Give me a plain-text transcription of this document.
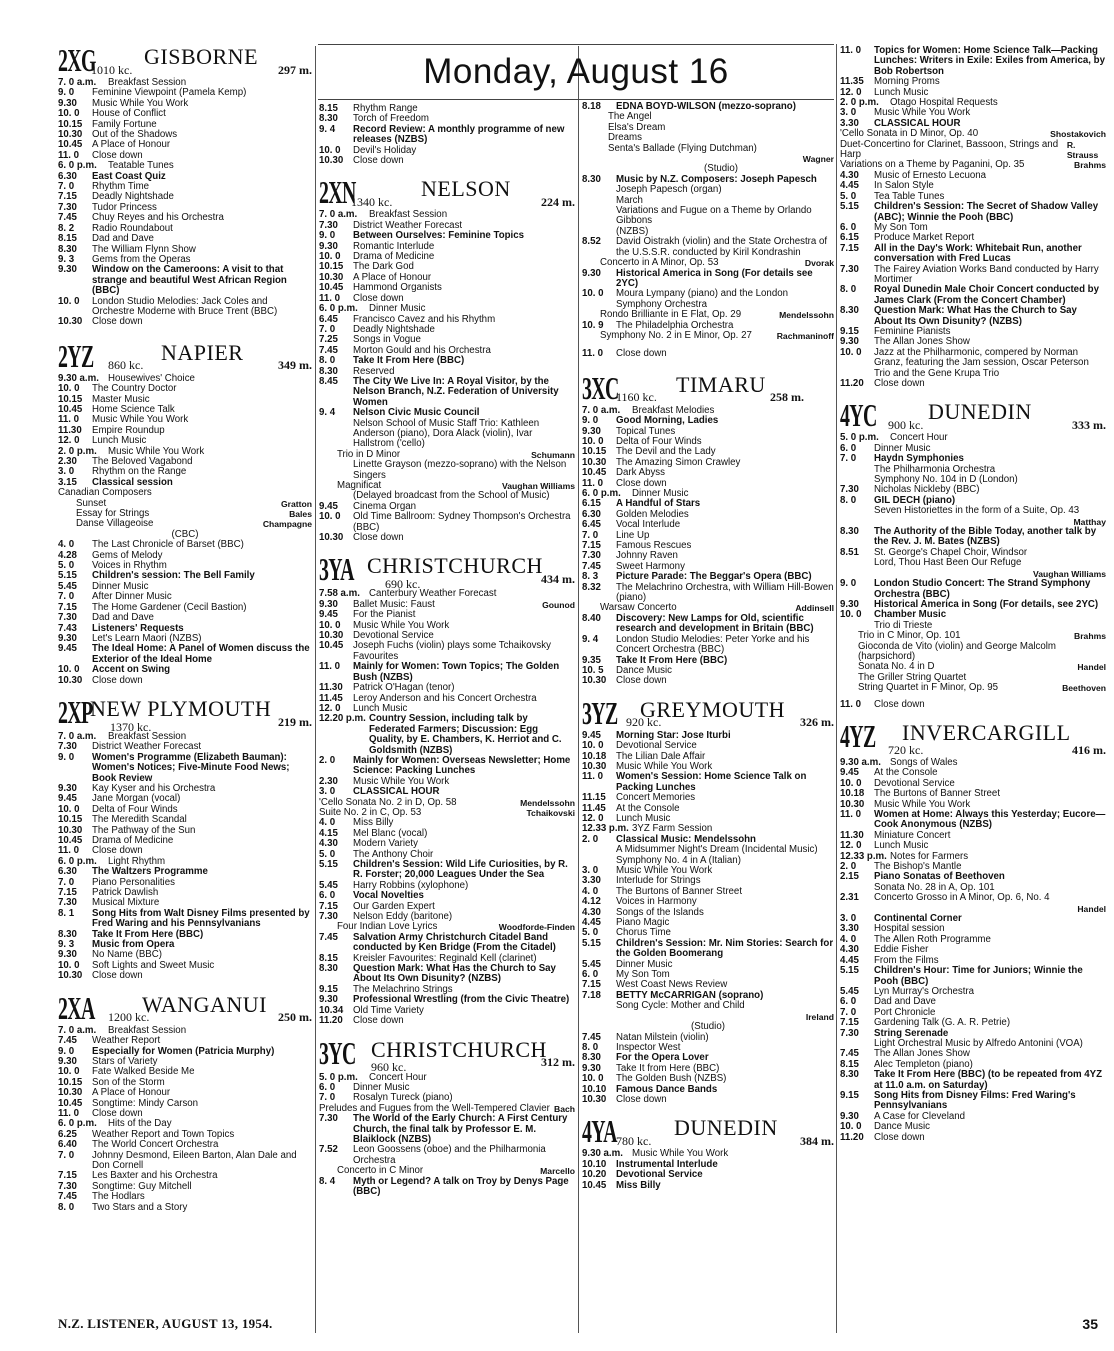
Monday, August 16
2XG
1010 kc.
GISBORNE
297 m.
7. 0 a.m.	Breakfast Session
9. 0	Feminine Viewpoint (Pamela Kemp)
9.30	Music While You Work
10. 0	House of Conflict
10.15	Family Fortune
10.30	Out of the Shadows
10.45	A Place of Honour
11. 0	Close down
6. 0 p.m.	Teatable Tunes
6.30	East Coast Quiz
7. 0	Rhythm Time
7.15	Deadly Nightshade
7.30	Tudor Princess
7.45	Chuy Reyes and his Orchestra
8. 2	Radio Roundabout
8.15	Dad and Dave
8.30	The William Flynn Show
9. 3	Gems from the Operas
9.30	Window on the Cameroons: A visit to that strange and beautiful West African Region (BBC)
10. 0	London Studio Melodies: Jack Coles and Orchestre Moderne with Bruce Trent (BBC)
10.30	Close down
2YZ 860 kc.
NAPIER
349 m.
9.30 a.m. Housewives' Choice
10. 0	The Country Doctor
10.15	Master Music
10.45	Home Science Talk
11. 0	Music While You Work
11.30	Empire Roundup
12. 0	Lunch Music
2. 0 p.m.	Music While You Work
2.30	The Beloved Vagabond
3. 0	Rhythm on the Range
3.15	Classical session
Canadian Composers
Sunset	Gratton
Essay for Strings	Bales
Danse Villageoise	Champagne
(CBC)
4. 0	The Last Chronicle of Barset (BBC)
4.28	Gems of Melody
5. 0	Voices in Rhythm
5.15	Children's session: The Bell Family
5.45	Dinner Music
7. 0	After Dinner Music
7.15	The Home Gardener (Cecil Bastion)
7.30	Dad and Dave
7.43	Listeners' Requests
9.30	Let's Learn Maori (NZBS)
9.45	The Ideal Home: A Panel of Women discuss the Exterior of the Ideal Home
10. 0	Accent on Swing
10.30	Close down
2XP
NEW PLYMOUTH
1370 kc.	219 m.
7. 0 a.m.	Breakfast Session
7.30	District Weather Forecast
9. 0	Women's Programme (Elizabeth Bauman): Women's Notices; Five-Minute Food News; Book Review
9.30	Kay Kyser and his Orchestra
9.45	Jane Morgan (vocal)
10. 0	Delta of Four Winds
10.15	The Meredith Scandal
10.30	The Pathway of the Sun
10.45	Drama of Medicine
11. 0	Close down
6. 0 p.m.	Light Rhythm
6.30	The Waltzers Programme
7. 0	Piano Personalities
7.15	Patrick Dawlish
7.30	Musical Mixture
8. 1	Song Hits from Walt Disney Films presented by Fred Waring and his Pennsylvanians
8.30	Take It From Here (BBC)
9. 3	Music from Opera
9.30	No Name (BBC)
10. 0	Soft Lights and Sweet Music
10.30	Close down
2XA 1200 kc.
WANGANUI
250 m.
7. 0 a.m.	Breakfast Session
7.45	Weather Report
9. 0	Especially for Women (Patricia Murphy)
9.30	Stars of Variety
10. 0	Fate Walked Beside Me
10.15	Son of the Storm
10.30	A Place of Honour
10.45	Songtime: Mindy Carson
11. 0	Close down
6. 0 p.m.	Hits of the Day
6.25	Weather Report and Town Topics
6.40	The World Concert Orchestra
7. 0	Johnny Desmond, Eileen Barton, Alan Dale and Don Cornell
7.15	Les Baxter and his Orchestra
7.30	Songtime: Guy Mitchell
7.45	The Hodlars
8. 0	Two Stars and a Story
8.15	Rhythm Range
8.30	Torch of Freedom
9. 4	Record Review: A monthly programme of new releases (NZBS)
10. 0	Devil's Holiday
10.30	Close down
2XN
1340 kc.
NELSON
224 m.
7. 0 a.m.	Breakfast Session
7.30	District Weather Forecast
9. 0	Between Ourselves: Feminine Topics
9.30	Romantic Interlude
10. 0	Drama of Medicine
10.15	The Dark God
10.30	A Place of Honour
10.45	Hammond Organists
11. 0	Close down
6. 0 p.m.	Dinner Music
6.45	Francisco Cavez and his Rhythm
7. 0	Deadly Nightshade
7.25	Songs in Vogue
7.45	Morton Gould and his Orchestra
8. 0	Take It From Here (BBC)
8.30	Reserved
8.45	The City We Live In: A Royal Visitor, by the Nelson Branch, N.Z. Federation of University Women
9. 4	Nelson Civic Music Council
Nelson School of Music Staff Trio: Kathleen Anderson (piano), Dora Alack (violin), Ivar Hallstrom ('cello)
Trio in D Minor	Schumann
Linette Grayson (mezzo-soprano) with the Nelson Singers
Magnificat	Vaughan Williams
(Delayed broadcast from the School of Music)
9.45	Cinema Organ
10. 0	Old Time Ballroom: Sydney Thompson's Orchestra (BBC)
10.30	Close down
3YA CHRISTCHURCH
690 kc.	434 m.
7.58 a.m. Canterbury Weather Forecast
9.30	Ballet Music: Faust	Gounod
9.45	For the Pianist
10. 0	Music While You Work
10.30	Devotional Service
10.45	Joseph Fuchs (violin) plays some Tchaikovsky Favourites
11. 0	Mainly for Women: Town Topics; The Golden Bush (NZBS)
11.30	Patrick O'Hagan (tenor)
11.45	Leroy Anderson and his Concert Orchestra
12. 0	Lunch Music
12.20 p.m. Country Session, including talk by Federated Farmers; Discussion: Egg Quality, by E. Chambers, K. Herriot and C. Goldsmith (NZBS)
2. 0	Mainly for Women: Overseas Newsletter; Home Science: Packing Lunches
2.30	Music While You Work
3. 0	CLASSICAL HOUR
'Cello Sonata No. 2 in D, Op. 58	Mendelssohn
Suite No. 2 in C, Op. 53	Tchaikovski
4. 0	Miss Billy
4.15	Mel Blanc (vocal)
4.30	Modern Variety
5. 0	The Anthony Choir
5.15	Children's Session: Wild Life Curiosities, by R. R. Forster; 20,000 Leagues Under the Sea
5.45	Harry Robbins (xylophone)
6. 0	Vocal Novelties
7.15	Our Garden Expert
7.30	Nelson Eddy (baritone)
Four Indian Love Lyrics	Woodforde-Finden
7.45	Salvation Army Christchurch Citadel Band conducted by Ken Bridge (From the Citadel)
8.15	Kreisler Favourites: Reginald Kell (clarinet)
8.30	Question Mark: What Has the Church to Say About Its Own Disunity? (NZBS)
9.15	The Melachrino Strings
9.30	Professional Wrestling (from the Civic Theatre)
10.34	Old Time Variety
11.20	Close down
3YC CHRISTCHURCH
960 kc.	312 m.
5. 0 p.m.	Concert Hour
6. 0	Dinner Music
7. 0	Rosalyn Tureck (piano)
Preludes and Fugues from the Well-Tempered Clavier Bach
7.30	The World of the Early Church: A First Century Church, the final talk by Professor E. M. Blaiklock (NZBS)
7.52	Leon Goossens (oboe) and the Philharmonia Orchestra
Concerto in C Minor	Marcello
8. 4	Myth or Legend? A talk on Troy by Denys Page (BBC)
8.18	EDNA BOYD-WILSON (mezzo-soprano)
The Angel
Elsa's Dream
Dreams
Senta's Ballade (Flying Dutchman)
Wagner
(Studio)
8.30	Music by N.Z. Composers: Joseph Papesch
Joseph Papesch (organ)
March
Variations and Fugue on a Theme by Orlando Gibbons
(NZBS)
8.52	David Oistrakh (violin) and the State Orchestra of the U.S.S.R. conducted by Kiril Kondrashin
Concerto in A Minor, Op. 53	Dvorak
9.30	Historical America in Song (For details see 2YC)
10. 0	Moura Lympany (piano) and the London Symphony Orchestra
Rondo Brilliante in E Flat, Op. 29	Mendelssohn
10. 9	The Philadelphia Orchestra
Symphony No. 2 in E Minor, Op. 27	Rachmaninoff
11. 0	Close down
3XC
1160 kc.
TIMARU
258 m.
7. 0 a.m.	Breakfast Melodies
9. 0	Good Morning, Ladies
9.30	Topical Tunes
10. 0	Delta of Four Winds
10.15	The Devil and the Lady
10.30	The Amazing Simon Crawley
10.45	Dark Abyss
11. 0	Close down
6. 0 p.m.	Dinner Music
6.15	A Handful of Stars
6.30	Golden Melodies
6.45	Vocal Interlude
7. 0	Line Up
7.15	Famous Rescues
7.30	Johnny Raven
7.45	Sweet Harmony
8. 3	Picture Parade: The Beggar's Opera (BBC)
8.32	The Melachrino Orchestra, with William Hill-Bowen (piano)
Warsaw Concerto	Addinsell
8.40	Discovery: New Lamps for Old, scientific research and development in Britain (BBC)
9. 4	London Studio Melodies: Peter Yorke and his Concert Orchestra (BBC)
9.35	Take It From Here (BBC)
10. 5	Dance Music
10.30	Close down
3YZ GREYMOUTH
920 kc.	326 m.
9.45	Morning Star: Jose Iturbi
10. 0	Devotional Service
10.18	The Lilian Dale Affair
10.30	Music While You Work
11. 0	Women's Session: Home Science Talk on Packing Lunches
11.15	Concert Memories
11.45	At the Console
12. 0	Lunch Music
12.33 p.m. 3YZ Farm Session
2. 0	Classical Music: Mendelssohn
A Midsummer Night's Dream (Incidental Music)
Symphony No. 4 in A (Italian)
3. 0	Music While You Work
3.30	Interlude for Strings
4. 0	The Burtons of Banner Street
4.12	Voices in Harmony
4.30	Songs of the Islands
4.45	Piano Magic
5. 0	Chorus Time
5.15	Children's Session: Mr. Nim Stories: Search for the Golden Boomerang
5.45	Dinner Music
6. 0	My Son Tom
7.15	West Coast News Review
7.18	BETTY McCARRIGAN (soprano)
Song Cycle: Mother and Child
Ireland
(Studio)
7.45	Natan Milstein (violin)
8. 0	Inspector West
8.30	For the Opera Lover
9.30	Take It from Here (BBC)
10. 0	The Golden Bush (NZBS)
10.10	Famous Dance Bands
10.30	Close down
4YA 780 kc.
DUNEDIN
384 m.
9.30 a.m. Music While You Work
10.10	Instrumental Interlude
10.20	Devotional Service
10.45	Miss Billy
11. 0	Topics for Women: Home Science Talk—Packing Lunches: Writers in Exile: Exiles from America, by Bob Robertson
11.35	Morning Proms
12. 0	Lunch Music
2. 0 p.m.	Otago Hospital Requests
3. 0	Music While You Work
3.30	CLASSICAL HOUR
'Cello Sonata in D Minor, Op. 40	Shostakovich
Duet-Concertino for Clarinet, Bassoon, Strings and Harp
R. Strauss
Variations on a Theme by Paganini, Op. 35	Brahms
4.30	Music of Ernesto Lecuona
4.45	In Salon Style
5. 0	Tea Table Tunes
5.15	Children's Session: The Secret of Shadow Valley (ABC); Winnie the Pooh (BBC)
6. 0	My Son Tom
6.15	Produce Market Report
7.15	All in the Day's Work: Whitebait Run, another conversation with Fred Lucas
7.30	The Fairey Aviation Works Band conducted by Harry Mortimer
8. 0	Royal Dunedin Male Choir Concert conducted by James Clark (From the Concert Chamber)
8.30	Question Mark: What Has the Church to Say About Its Own Disunity? (NZBS)
9.15	Feminine Pianists
9.30	The Allan Jones Show
10. 0	Jazz at the Philharmonic, compered by Norman Granz, featuring the Jam session, Oscar Peterson Trio and the Gene Krupa Trio
11.20	Close down
4YC 900 kc.
DUNEDIN
333 m.
5. 0 p.m.	Concert Hour
6. 0	Dinner Music
7. 0	Haydn Symphonies
The Philharmonia Orchestra
Symphony No. 104 in D (London)
7.30	Nicholas Nickleby (BBC)
8. 0	GIL DECH (piano)
Seven Historiettes in the form of a Suite, Op. 43
Matthay
8.30	The Authority of the Bible Today, another talk by the Rev. J. M. Bates (NZBS)
8.51	St. George's Chapel Choir, Windsor
Lord, Thou Hast Been Our Refuge
Vaughan Williams
9. 0	London Studio Concert: The Strand Symphony Orchestra (BBC)
9.30	Historical America in Song (For details, see 2YC)
10. 0	Chamber Music
Trio di Trieste
Trio in C Minor, Op. 101	Brahms
Gioconda de Vito (violin) and George Malcolm (harpsichord)
Sonata No. 4 in D	Handel
The Griller String Quartet
String Quartet in F Minor, Op. 95	Beethoven
11. 0	Close down
4YZ INVERCARGILL
720 kc.	416 m.
9.30 a.m. Songs of Wales
9.45	At the Console
10. 0	Devotional Service
10.18	The Burtons of Banner Street
10.30	Music While You Work
11. 0	Women at Home: Always this Yesterday; Eucore—Cook Anonymous (NZBS)
11.30	Miniature Concert
12. 0	Lunch Music
12.33 p.m. Notes for Farmers
2. 0	The Bishop's Mantle
2.15	Piano Sonatas of Beethoven
Sonata No. 28 in A, Op. 101
2.31	Concerto Grosso in A Minor, Op. 6, No. 4
Handel
3. 0	Continental Corner
3.30	Hospital session
4. 0	The Allen Roth Programme
4.30	Eddie Fisher
4.45	From the Films
5.15	Children's Hour: Time for Juniors; Winnie the Pooh (BBC)
5.45	Lyn Murray's Orchestra
6. 0	Dad and Dave
7. 0	Port Chronicle
7.15	Gardening Talk (G. A. R. Petrie)
7.30	String Serenade
Light Orchestral Music by Alfredo Antonini (VOA)
7.45	The Allan Jones Show
8.15	Alec Templeton (piano)
8.30	Take It From Here (BBC) (to be repeated from 4YZ at 11.0 a.m. on Saturday)
9.15	Song Hits from Disney Films: Fred Waring's Pennsylvanians
9.30	A Case for Cleveland
10. 0	Dance Music
11.20	Close down
N.Z. LISTENER, AUGUST 13, 1954.	35
